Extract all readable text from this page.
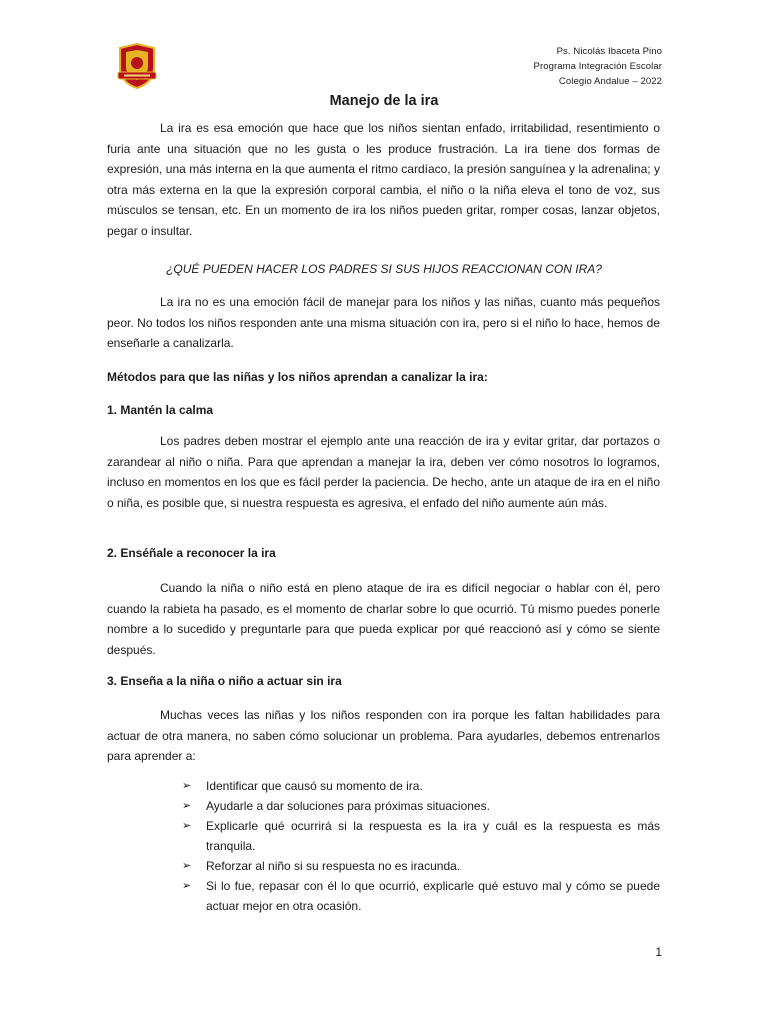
Ps. Nicolás Ibaceta Pino
Programa Integración Escolar
Colegio Andalue – 2022
Manejo de la ira

La ira es esa emoción que hace que los niños sientan enfado, irritabilidad, resentimiento o furia ante una situación que no les gusta o les produce frustración. La ira tiene dos formas de expresión, una más interna en la que aumenta el ritmo cardíaco, la presión sanguínea y la adrenalina; y otra más externa en la que la expresión corporal cambia, el niño o la niña eleva el tono de voz, sus músculos se tensan, etc. En un momento de ira los niños pueden gritar, romper cosas, lanzar objetos, pegar o insultar.

¿QUÉ PUEDEN HACER LOS PADRES SI SUS HIJOS REACCIONAN CON IRA?

La ira no es una emoción fácil de manejar para los niños y las niñas, cuanto más pequeños peor. No todos los niños responden ante una misma situación con ira, pero si el niño lo hace, hemos de enseñarle a canalizarla.

Métodos para que las niñas y los niños aprendan a canalizar la ira:
1. Mantén la calma

Los padres deben mostrar el ejemplo ante una reacción de ira y evitar gritar, dar portazos o zarandear al niño o niña. Para que aprendan a manejar la ira, deben ver cómo nosotros lo logramos, incluso en momentos en los que es fácil perder la paciencia. De hecho, ante un ataque de ira en el niño o niña, es posible que, si nuestra respuesta es agresiva, el enfado del niño aumente aún más.

2. Enséñale a reconocer la ira

Cuando la niña o niño está en pleno ataque de ira es difícil negociar o hablar con él, pero cuando la rabieta ha pasado, es el momento de charlar sobre lo que ocurrió. Tú mismo puedes ponerle nombre a lo sucedido y preguntarle para que pueda explicar por qué reaccionó así y cómo se siente después.

3. Enseña a la niña o niño a actuar sin ira

Muchas veces las niñas y los niños responden con ira porque les faltan habilidades para actuar de otra manera, no saben cómo solucionar un problema. Para ayudarles, debemos entrenarlos para aprender a:

➢ Identificar que causó su momento de ira.
➢ Ayudarle a dar soluciones para próximas situaciones.
➢ Explicarle qué ocurrirá si la respuesta es la ira y cuál es la respuesta es más tranquila.
➢ Reforzar al niño si su respuesta no es iracunda.
➢ Si lo fue, repasar con él lo que ocurrió, explicarle qué estuvo mal y cómo se puede actuar mejor en otra ocasión.
1
